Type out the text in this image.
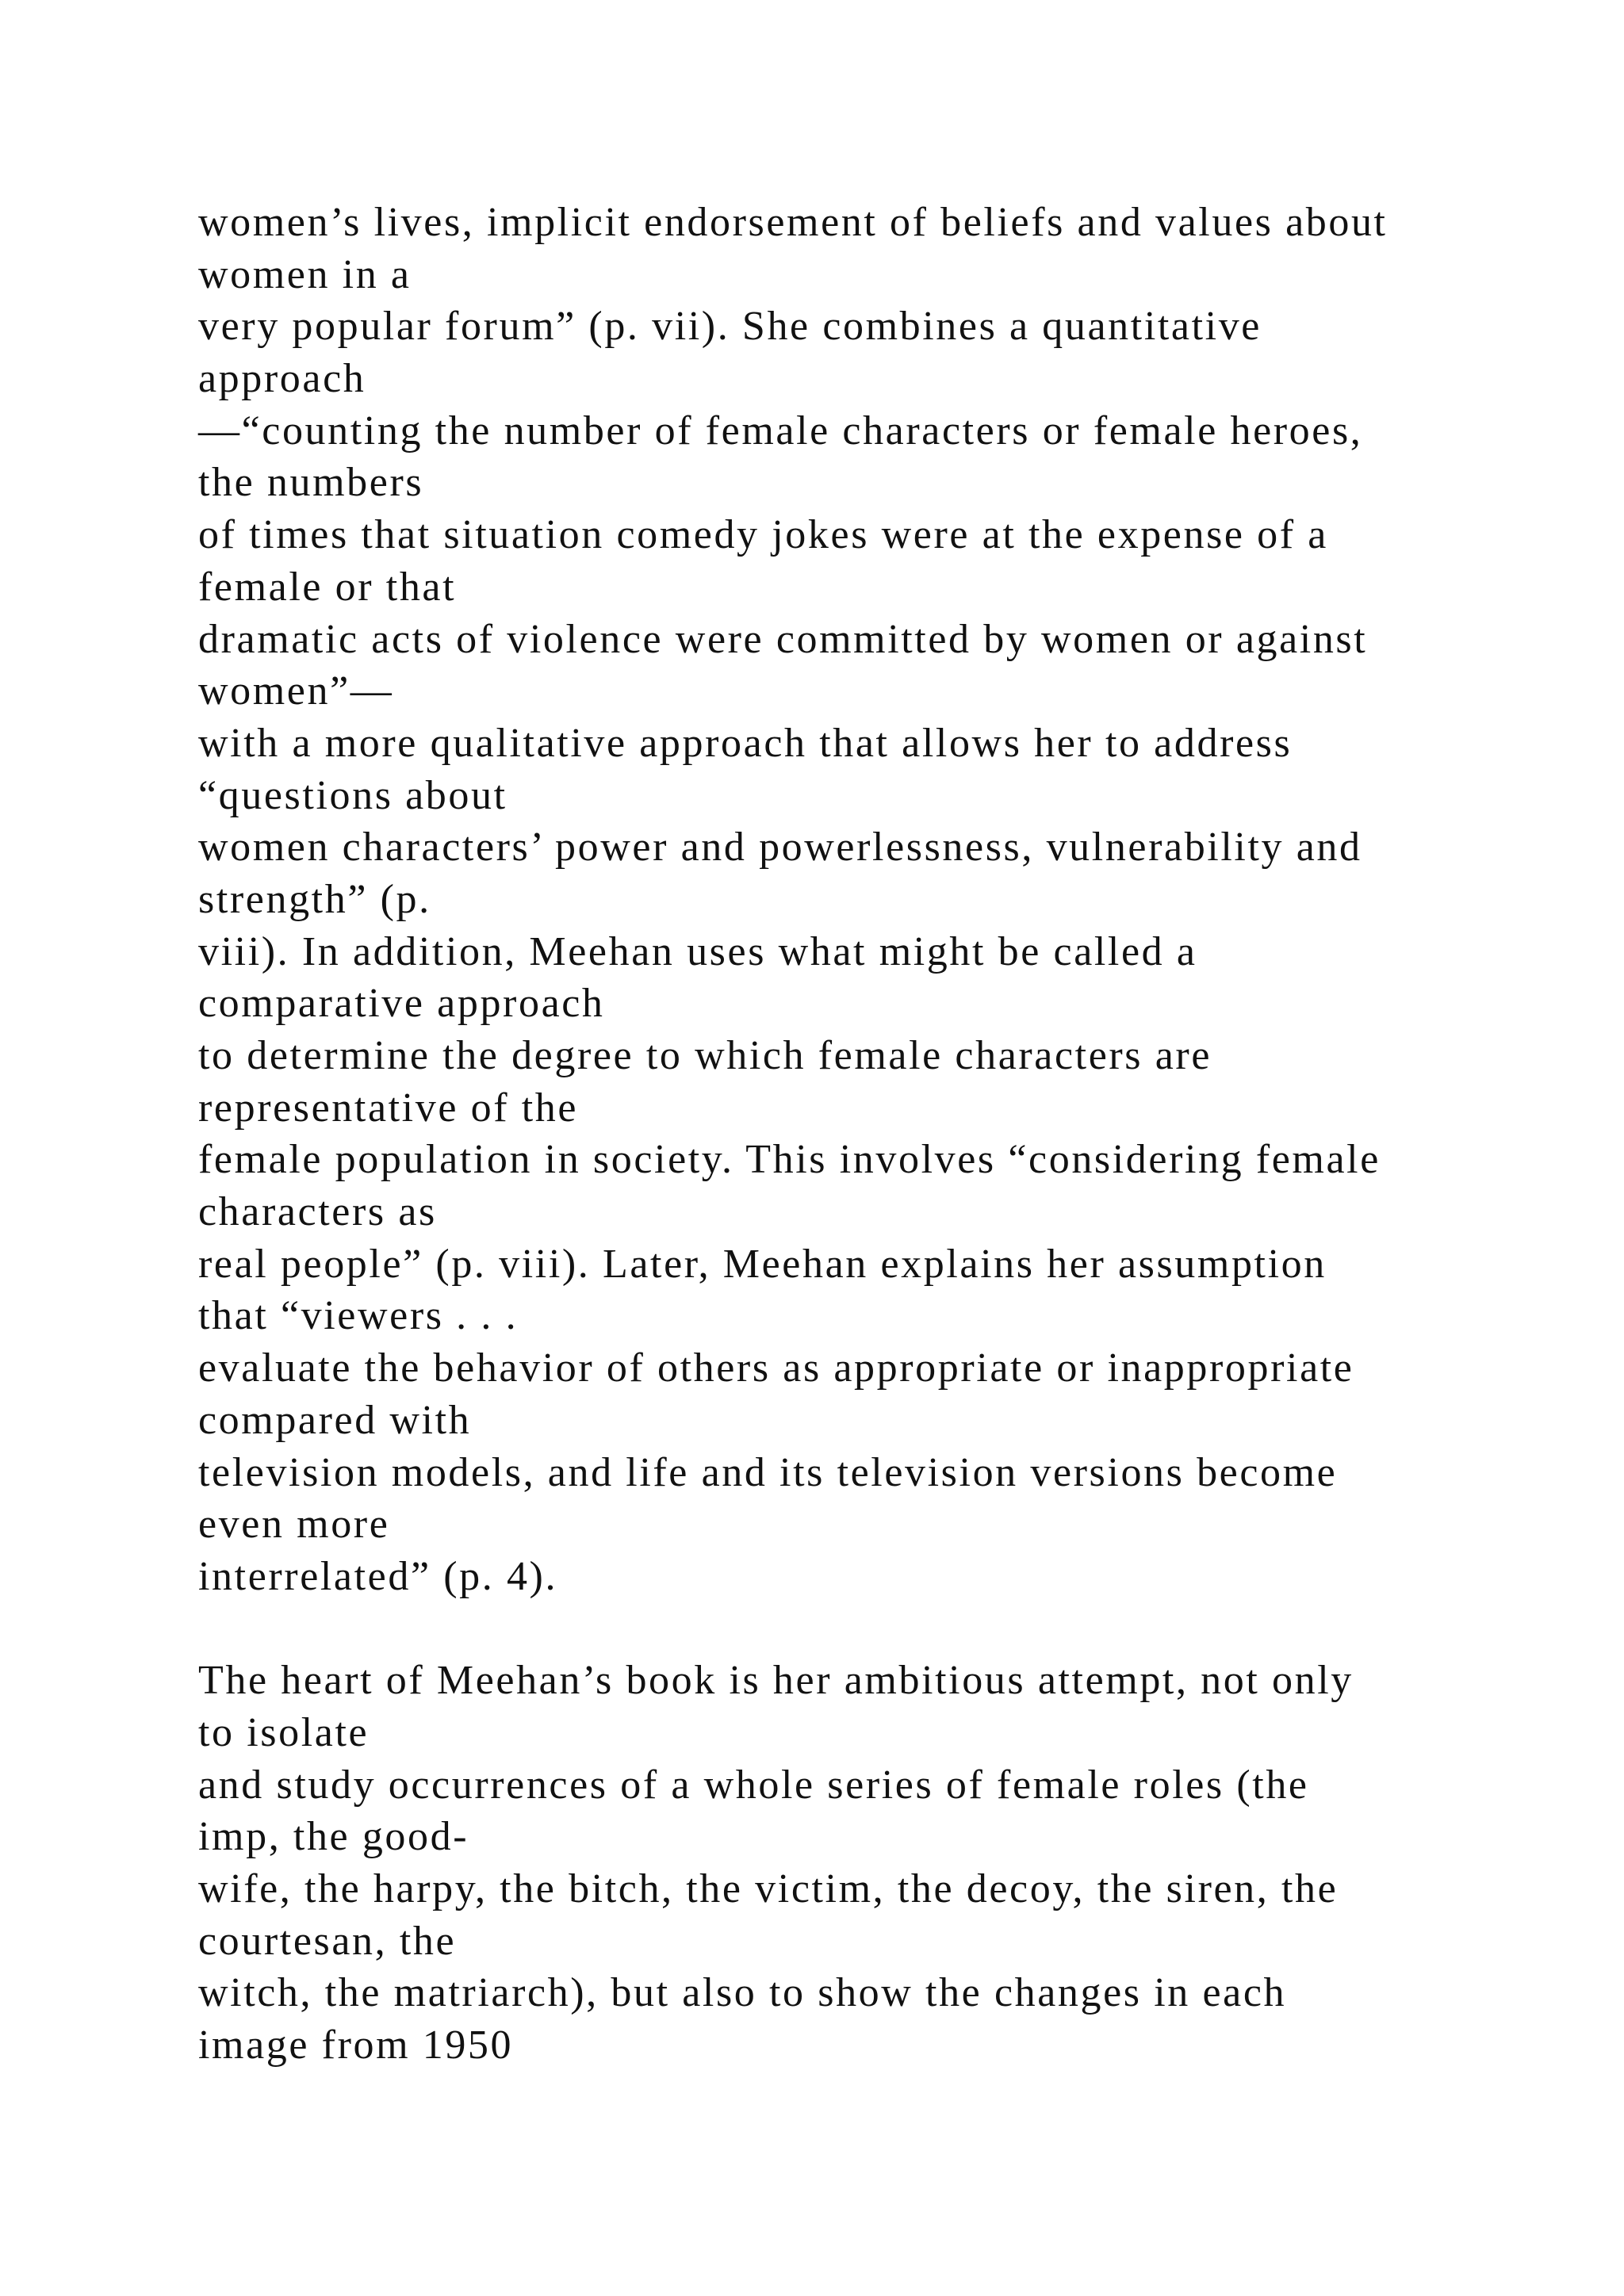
women’s lives, implicit endorsement of beliefs and values about
women in a
very popular forum” (p. vii). She combines a quantitative
approach
—“counting the number of female characters or female heroes,
the numbers
of times that situation comedy jokes were at the expense of a
female or that
dramatic acts of violence were committed by women or against
women”—
with a more qualitative approach that allows her to address
“questions about
women characters’ power and powerlessness, vulnerability and
strength” (p.
viii). In addition, Meehan uses what might be called a
comparative approach
to determine the degree to which female characters are
representative of the
female population in society. This involves “considering female
characters as
real people” (p. viii). Later, Meehan explains her assumption
that “viewers . . .
evaluate the behavior of others as appropriate or inappropriate
compared with
television models, and life and its television versions become
even more
interrelated” (p. 4).
The heart of Meehan’s book is her ambitious attempt, not only
to isolate
and study occurrences of a whole series of female roles (the
imp, the good-
wife, the harpy, the bitch, the victim, the decoy, the siren, the
courtesan, the
witch, the matriarch), but also to show the changes in each
image from 1950
